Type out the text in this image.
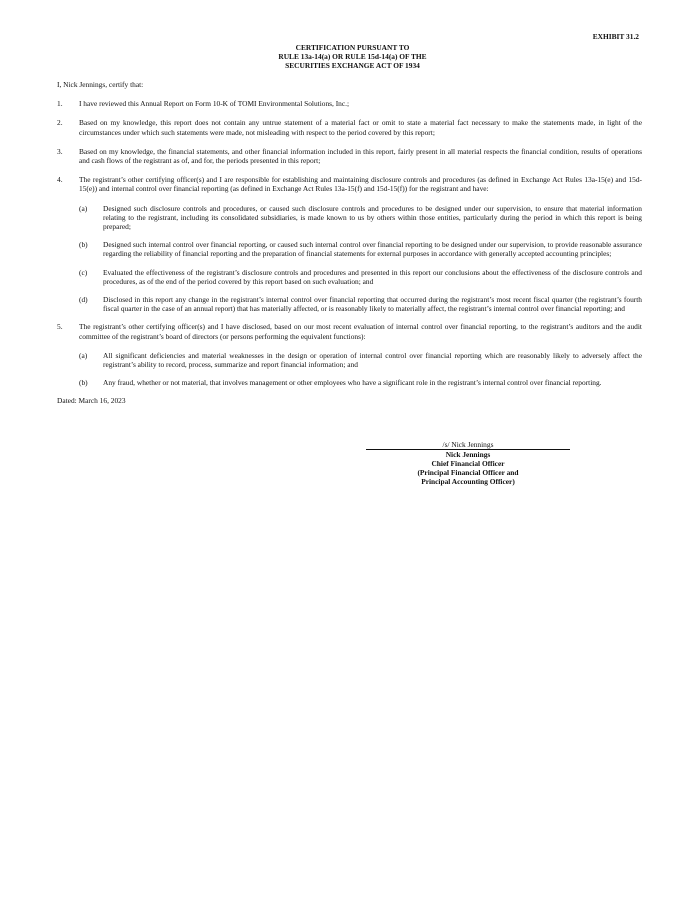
EXHIBIT 31.2
CERTIFICATION PURSUANT TO
RULE 13a-14(a) OR RULE 15d-14(a) OF THE
SECURITIES EXCHANGE ACT OF 1934
I, Nick Jennings, certify that:
1.	I have reviewed this Annual Report on Form 10-K of TOMI Environmental Solutions, Inc.;
2.	Based on my knowledge, this report does not contain any untrue statement of a material fact or omit to state a material fact necessary to make the statements made, in light of the circumstances under which such statements were made, not misleading with respect to the period covered by this report;
3.	Based on my knowledge, the financial statements, and other financial information included in this report, fairly present in all material respects the financial condition, results of operations and cash flows of the registrant as of, and for, the periods presented in this report;
4.	The registrant’s other certifying officer(s) and I are responsible for establishing and maintaining disclosure controls and procedures (as defined in Exchange Act Rules 13a-15(e) and 15d-15(e)) and internal control over financial reporting (as defined in Exchange Act Rules 13a-15(f) and 15d-15(f)) for the registrant and have:
(a)	Designed such disclosure controls and procedures, or caused such disclosure controls and procedures to be designed under our supervision, to ensure that material information relating to the registrant, including its consolidated subsidiaries, is made known to us by others within those entities, particularly during the period in which this report is being prepared;
(b)	Designed such internal control over financial reporting, or caused such internal control over financial reporting to be designed under our supervision, to provide reasonable assurance regarding the reliability of financial reporting and the preparation of financial statements for external purposes in accordance with generally accepted accounting principles;
(c)	Evaluated the effectiveness of the registrant’s disclosure controls and procedures and presented in this report our conclusions about the effectiveness of the disclosure controls and procedures, as of the end of the period covered by this report based on such evaluation; and
(d)	Disclosed in this report any change in the registrant’s internal control over financial reporting that occurred during the registrant’s most recent fiscal quarter (the registrant’s fourth fiscal quarter in the case of an annual report) that has materially affected, or is reasonably likely to materially affect, the registrant’s internal control over financial reporting; and
5.	The registrant’s other certifying officer(s) and I have disclosed, based on our most recent evaluation of internal control over financial reporting, to the registrant’s auditors and the audit committee of the registrant’s board of directors (or persons performing the equivalent functions):
(a)	All significant deficiencies and material weaknesses in the design or operation of internal control over financial reporting which are reasonably likely to adversely affect the registrant’s ability to record, process, summarize and report financial information; and
(b)	Any fraud, whether or not material, that involves management or other employees who have a significant role in the registrant’s internal control over financial reporting.
Dated: March 16, 2023
/s/ Nick Jennings
Nick Jennings
Chief Financial Officer
(Principal Financial Officer and
Principal Accounting Officer)
